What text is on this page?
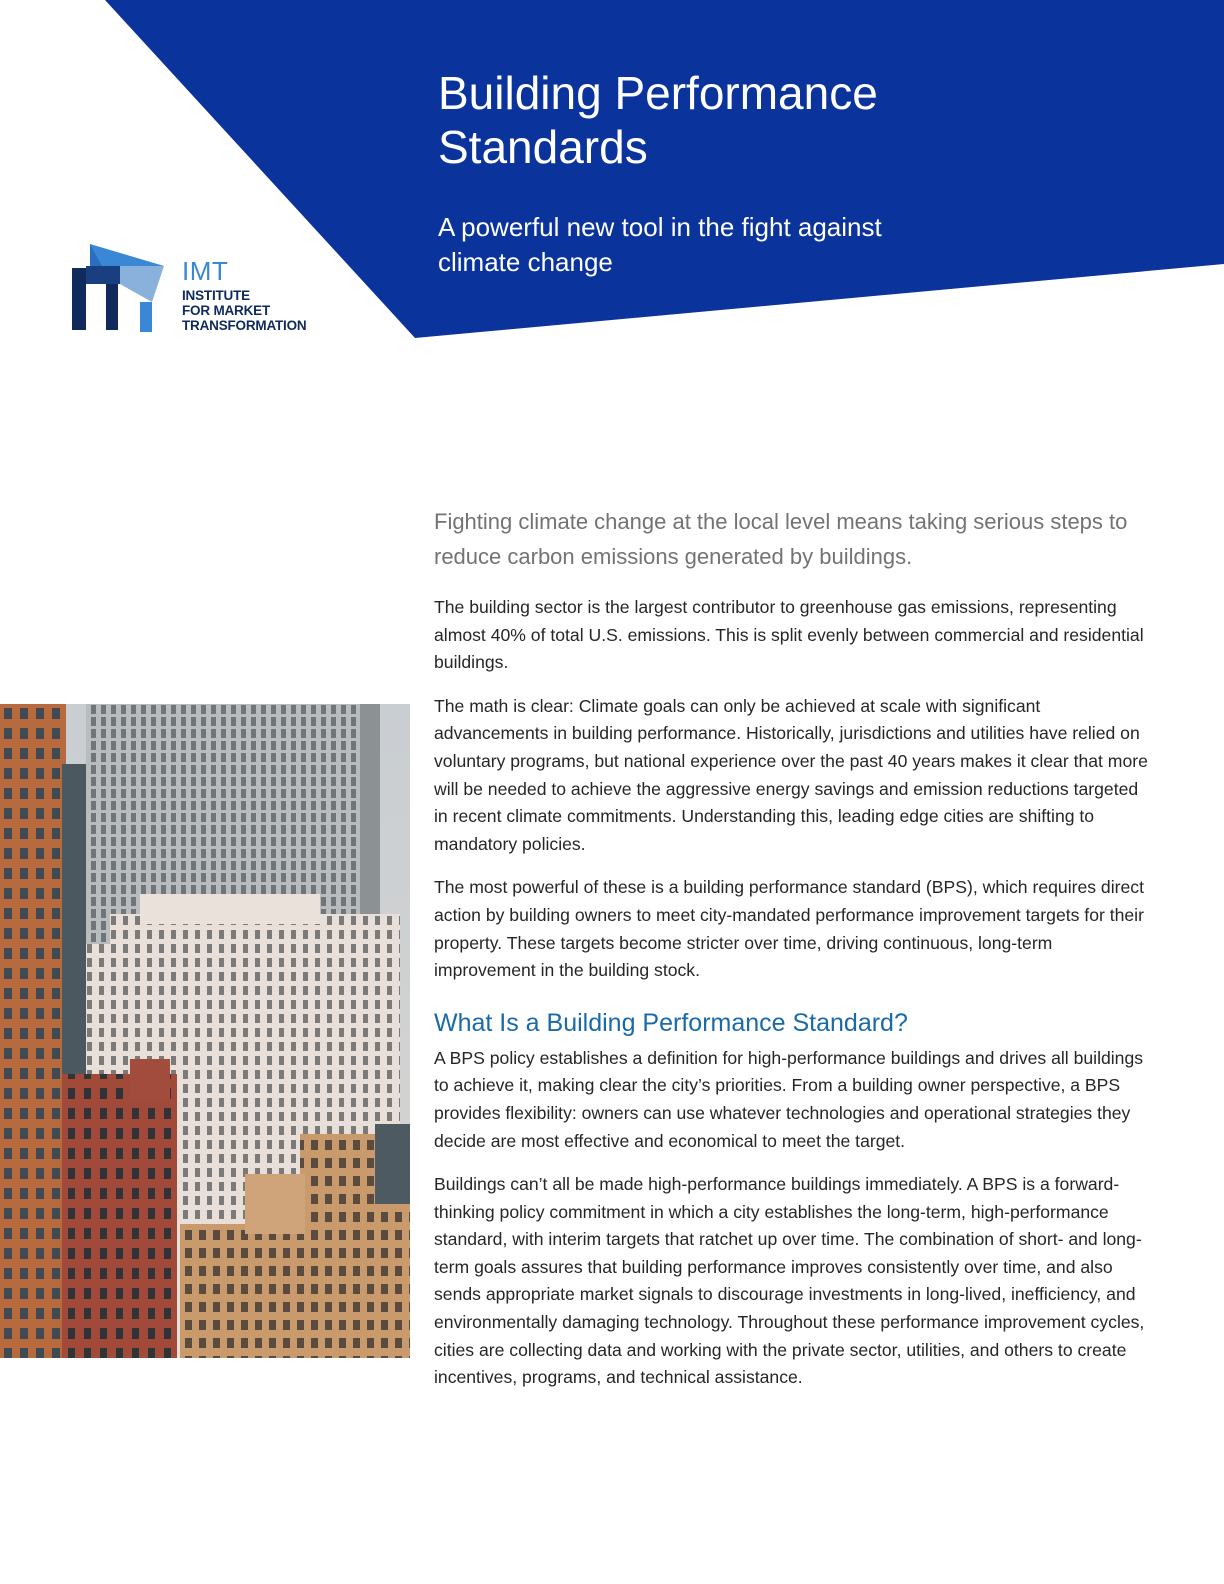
Building Performance Standards

A powerful new tool in the fight against climate change

IMT
INSTITUTE
FOR MARKET
TRANSFORMATION

Fighting climate change at the local level means taking serious steps to reduce carbon emissions generated by buildings.

The building sector is the largest contributor to greenhouse gas emissions, representing almost 40% of total U.S. emissions. This is split evenly between commercial and residential buildings.

The math is clear: Climate goals can only be achieved at scale with significant advancements in building performance. Historically, jurisdictions and utilities have relied on voluntary programs, but national experience over the past 40 years makes it clear that more will be needed to achieve the aggressive energy savings and emission reductions targeted in recent climate commitments. Understanding this, leading edge cities are shifting to mandatory policies.

The most powerful of these is a building performance standard (BPS), which requires direct action by building owners to meet city-mandated performance improvement targets for their property. These targets become stricter over time, driving continuous, long-term improvement in the building stock.

What Is a Building Performance Standard?

A BPS policy establishes a definition for high-performance buildings and drives all buildings to achieve it, making clear the city’s priorities. From a building owner perspective, a BPS provides flexibility: owners can use whatever technologies and operational strategies they decide are most effective and economical to meet the target.

Buildings can’t all be made high-performance buildings immediately. A BPS is a forward-thinking policy commitment in which a city establishes the long-term, high-performance standard, with interim targets that ratchet up over time. The combination of short- and long-term goals assures that building performance improves consistently over time, and also sends appropriate market signals to discourage investments in long-lived, inefficiency, and environmentally damaging technology. Throughout these performance improvement cycles, cities are collecting data and working with the private sector, utilities, and others to create incentives, programs, and technical assistance.
